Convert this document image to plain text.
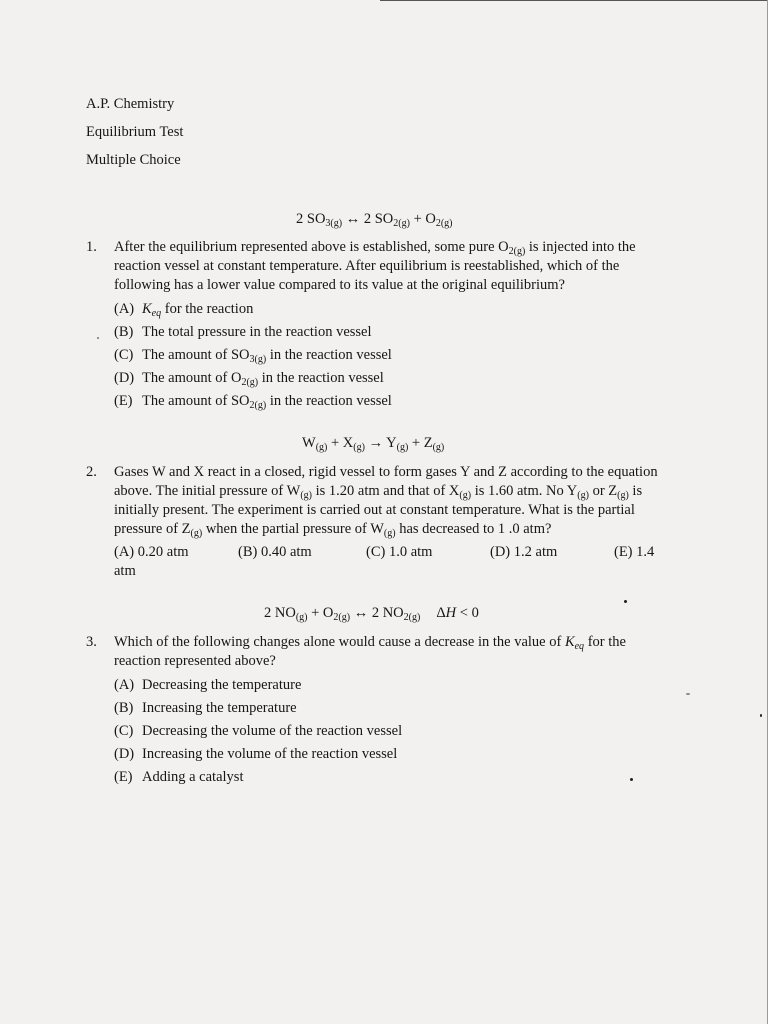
A.P. Chemistry
Equilibrium Test
Multiple Choice
2 $SO_{3(g)}$ ↔ 2 $SO_{2(g)} + O_{2(g)}$
1. After the equilibrium represented above is established, some pure $O_{2(g)}$ is injected into the reaction vessel at constant temperature. After equilibrium is reestablished, which of the following has a lower value compared to its value at the original equilibrium?
(A) $K_{eq}$ for the reaction
(B) The total pressure in the reaction vessel
(C) The amount of $SO_{3(g)}$ in the reaction vessel
(D) The amount of $O_{2(g)}$ in the reaction vessel
(E) The amount of $SO_{2(g)}$ in the reaction vessel
$W_{(g)} + X_{(g)} \to Y_{(g)} + Z_{(g)}$
2. Gases W and X react in a closed, rigid vessel to form gases Y and Z according to the equation above. The initial pressure of $W_{(g)}$ is 1.20 atm and that of $X_{(g)}$ is 1.60 atm. No $Y_{(g)}$ or $Z_{(g)}$ is initially present. The experiment is carried out at constant temperature. What is the partial pressure of $Z_{(g)}$ when the partial pressure of $W_{(g)}$ has decreased to 1 .0 atm?
(A) 0.20 atm	(B) 0.40 atm	(C) 1.0 atm	(D) 1.2 atm	(E) 1.4
atm
2 $NO_{(g)} + O_{2(g)}$ ↔ 2 $NO_{2(g)}$ ΔH < 0
3. Which of the following changes alone would cause a decrease in the value of $K_{eq}$ for the reaction represented above?
(A) Decreasing the temperature
(B) Increasing the temperature
(C) Decreasing the volume of the reaction vessel
(D) Increasing the volume of the reaction vessel
(E) Adding a catalyst
